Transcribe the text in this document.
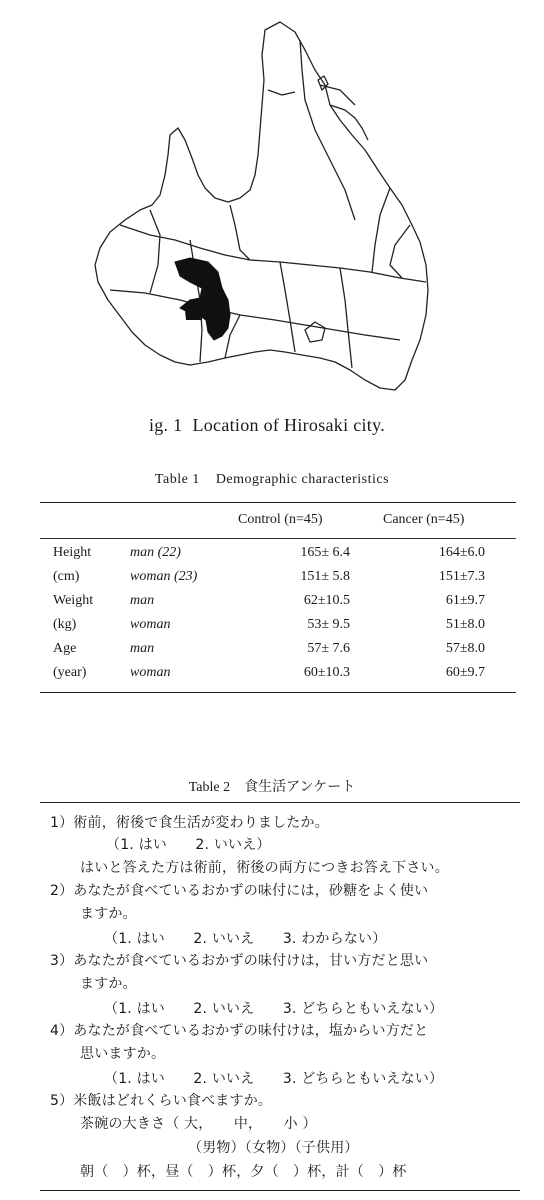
ig. 1 Location of Hirosaki city.
Table 1 Demographic characteristics
Control (n=45)	Cancer (n=45)
Height	man (22)	165± 6.4	164±6.0
(cm)	woman (23)	151± 5.8	151±7.3
Weight	man	62±10.5	61±9.7
(kg)	woman	53± 9.5	51±8.0
Age	man	57± 7.6	57±8.0
(year)	woman	60±10.3	60±9.7
Table 2 食生活アンケート
1）術前，術後で食生活が変わりましたか。
（1. はい　　2. いいえ）
はいと答えた方は術前，術後の両方につきお答え下さい。
2）あなたが食べているおかずの味付には，砂糖をよく使い
ますか。
（1. はい　　2. いいえ　　3. わからない）
3）あなたが食べているおかずの味付けは，甘い方だと思い
ますか。
（1. はい　　2. いいえ　　3. どちらともいえない）
4）あなたが食べているおかずの味付けは，塩からい方だと
思いますか。
（1. はい　　2. いいえ　　3. どちらともいえない）
5）米飯はどれくらい食べますか。
茶碗の大きさ（ 大，　　中，　　小 ）
（男物）（女物）（子供用）
朝（　）杯，昼（　）杯，夕（　）杯，計（　）杯
